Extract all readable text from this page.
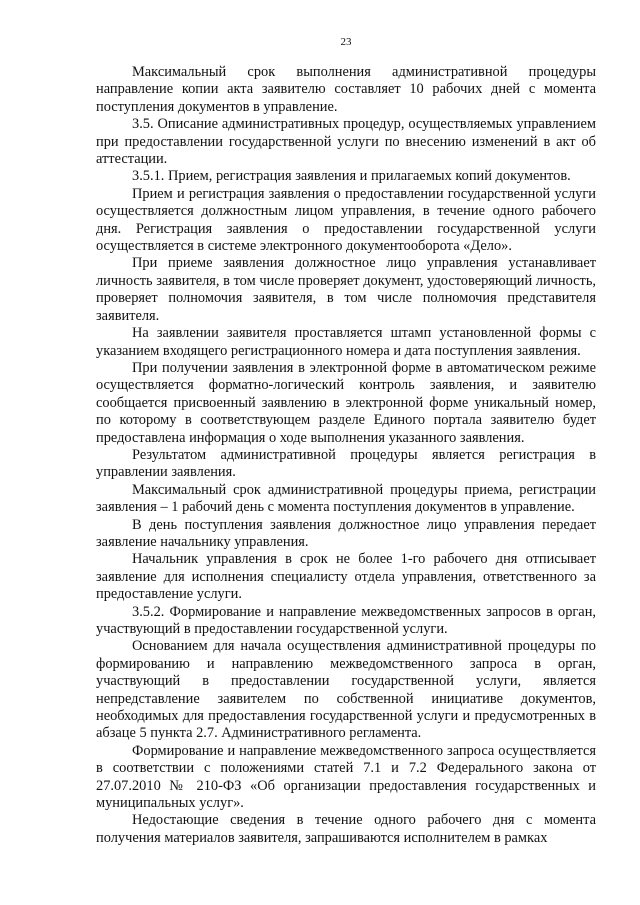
23

Максимальный срок выполнения административной процедуры направление копии акта заявителю составляет 10 рабочих дней с момента поступления документов в управление.

3.5. Описание административных процедур, осуществляемых управлением при предоставлении государственной услуги по внесению изменений в акт об аттестации.

3.5.1. Прием, регистрация заявления и прилагаемых копий документов.

Прием и регистрация заявления о предоставлении государственной услуги осуществляется должностным лицом управления, в течение одного рабочего дня. Регистрация заявления о предоставлении государственной услуги осуществляется в системе электронного документооборота «Дело».

При приеме заявления должностное лицо управления устанавливает личность заявителя, в том числе проверяет документ, удостоверяющий личность, проверяет полномочия заявителя, в том числе полномочия представителя заявителя.

На заявлении заявителя проставляется штамп установленной формы с указанием входящего регистрационного номера и дата поступления заявления.

При получении заявления в электронной форме в автоматическом режиме осуществляется форматно-логический контроль заявления, и заявителю сообщается присвоенный заявлению в электронной форме уникальный номер, по которому в соответствующем разделе Единого портала заявителю будет предоставлена информация о ходе выполнения указанного заявления.

Результатом административной процедуры является регистрация в управлении заявления.

Максимальный срок административной процедуры приема, регистрации заявления – 1 рабочий день с момента поступления документов в управление.

В день поступления заявления должностное лицо управления передает заявление начальнику управления.

Начальник управления в срок не более 1-го рабочего дня отписывает заявление для исполнения специалисту отдела управления, ответственного за предоставление услуги.

3.5.2. Формирование и направление межведомственных запросов в орган, участвующий в предоставлении государственной услуги.

Основанием для начала осуществления административной процедуры по формированию и направлению межведомственного запроса в орган, участвующий в предоставлении государственной услуги, является непредставление заявителем по собственной инициативе документов, необходимых для предоставления государственной услуги и предусмотренных в абзаце 5 пункта 2.7. Административного регламента.

Формирование и направление межведомственного запроса осуществляется в соответствии с положениями статей 7.1 и 7.2 Федерального закона от 27.07.2010 № 210-ФЗ «Об организации предоставления государственных и муниципальных услуг».

Недостающие сведения в течение одного рабочего дня с момента получения материалов заявителя, запрашиваются исполнителем в рамках
